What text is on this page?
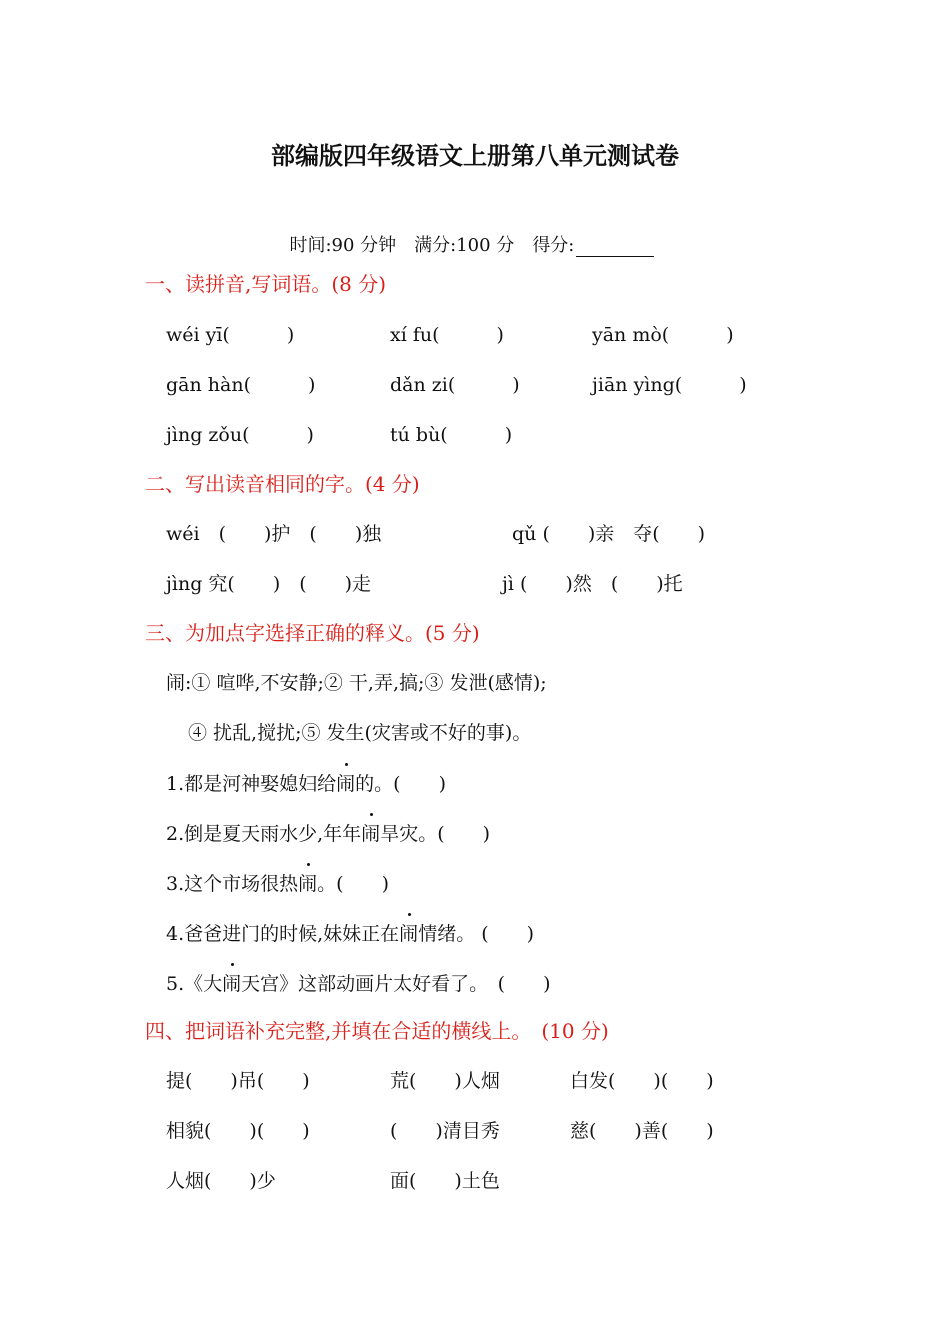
部编版四年级语文上册第八单元测试卷

时间:90 分钟　 满分:100 分　 得分:

一、读拼音,写词语。(8 分)
wéi yī(　　　)	xí fu(　　　)	yān mò(　　　)
gān hàn(　　　)	dǎn zi(　　　)	jiān yìng(　　　)
jìng zǒu(　　　)	tú bù(　　　)
二、写出读音相同的字。(4 分)
wéi　(　　)护　(　　)独	qǔ (　　)亲　夺(　　)
jìng 究(　　)　(　　)走	jì (　　)然　(　　)托
三、为加点字选择正确的释义。(5 分)
闹:① 喧哗,不安静;② 干,弄,搞;③ 发泄(感情);
④ 扰乱,搅扰;⑤ 发生(灾害或不好的事)。
1.都是河神娶媳妇给闹的。(　　)
2.倒是夏天雨水少,年年闹旱灾。(　　)
3.这个市场很热闹。(　　)
4.爸爸进门的时候,妹妹正在闹情绪。 (　　)
5.《大闹天宫》这部动画片太好看了。　(　　)
四、把词语补充完整,并填在合适的横线上。　(10 分)
提(　　)吊(　　)	荒(　　)人烟	白发(　　)(　　)
相貌(　　)(　　)	(　　)清目秀	慈(　　)善(　　)
人烟(　　)少	面(　　)土色
